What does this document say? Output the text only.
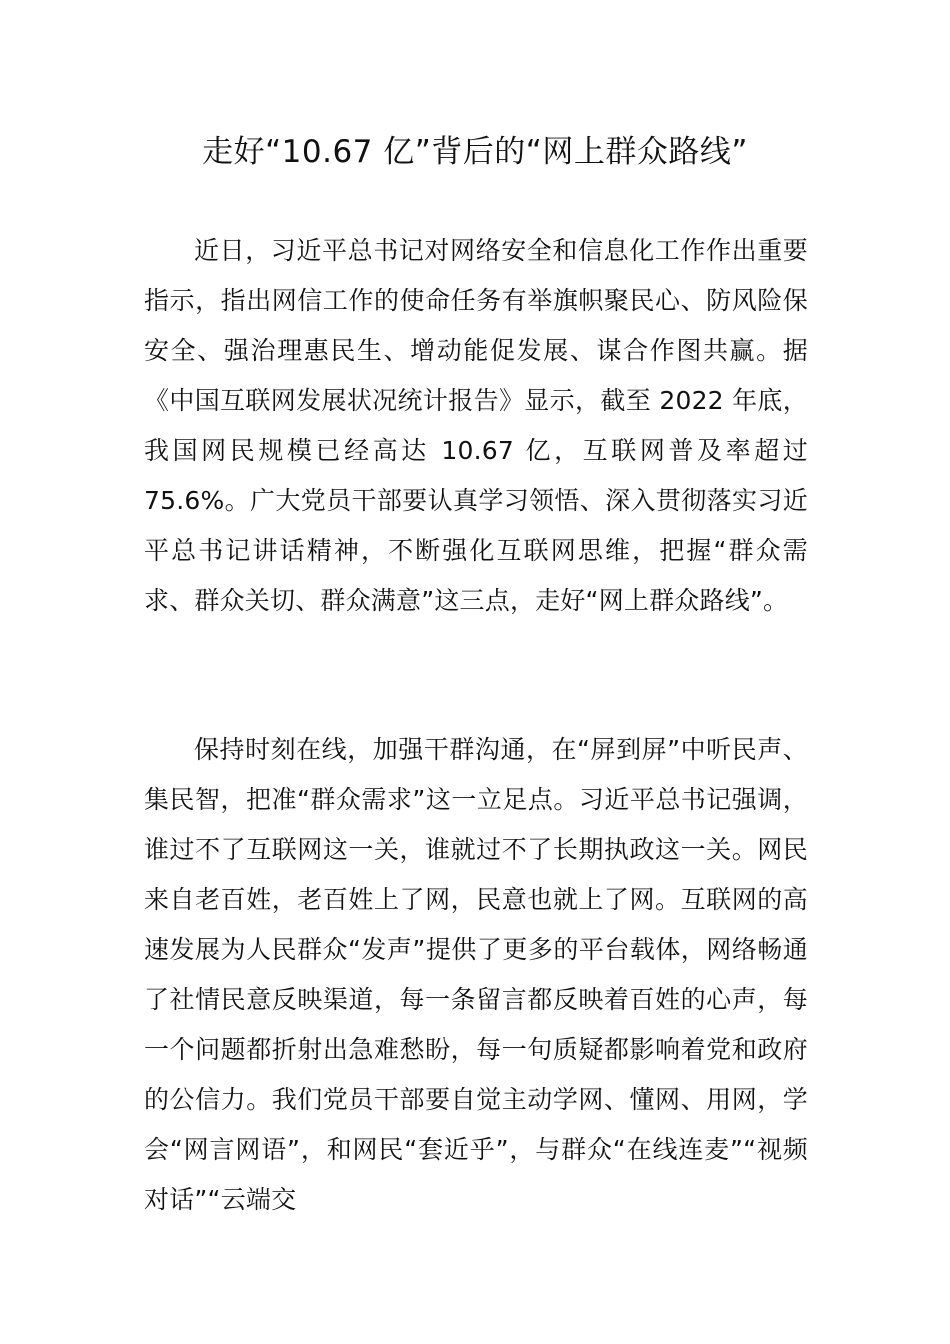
走好“10.67 亿”背后的“网上群众路线”

近日，习近平总书记对网络安全和信息化工作作出重要指示，指出网信工作的使命任务有举旗帜聚民心、防风险保安全、强治理惠民生、增动能促发展、谋合作图共赢。据《中国互联网发展状况统计报告》显示，截至 2022 年底，我国网民规模已经高达 10.67 亿，互联网普及率超过 75.6%。广大党员干部要认真学习领悟、深入贯彻落实习近平总书记讲话精神，不断强化互联网思维，把握“群众需求、群众关切、群众满意”这三点，走好“网上群众路线”。

保持时刻在线，加强干群沟通，在“屏到屏”中听民声、集民智，把准“群众需求”这一立足点。习近平总书记强调，谁过不了互联网这一关，谁就过不了长期执政这一关。网民来自老百姓，老百姓上了网，民意也就上了网。互联网的高速发展为人民群众“发声”提供了更多的平台载体，网络畅通了社情民意反映渠道，每一条留言都反映着百姓的心声，每一个问题都折射出急难愁盼，每一句质疑都影响着党和政府的公信力。我们党员干部要自觉主动学网、懂网、用网，学会“网言网语”，和网民“套近乎”，与群众“在线连麦”“视频对话”“云端交
